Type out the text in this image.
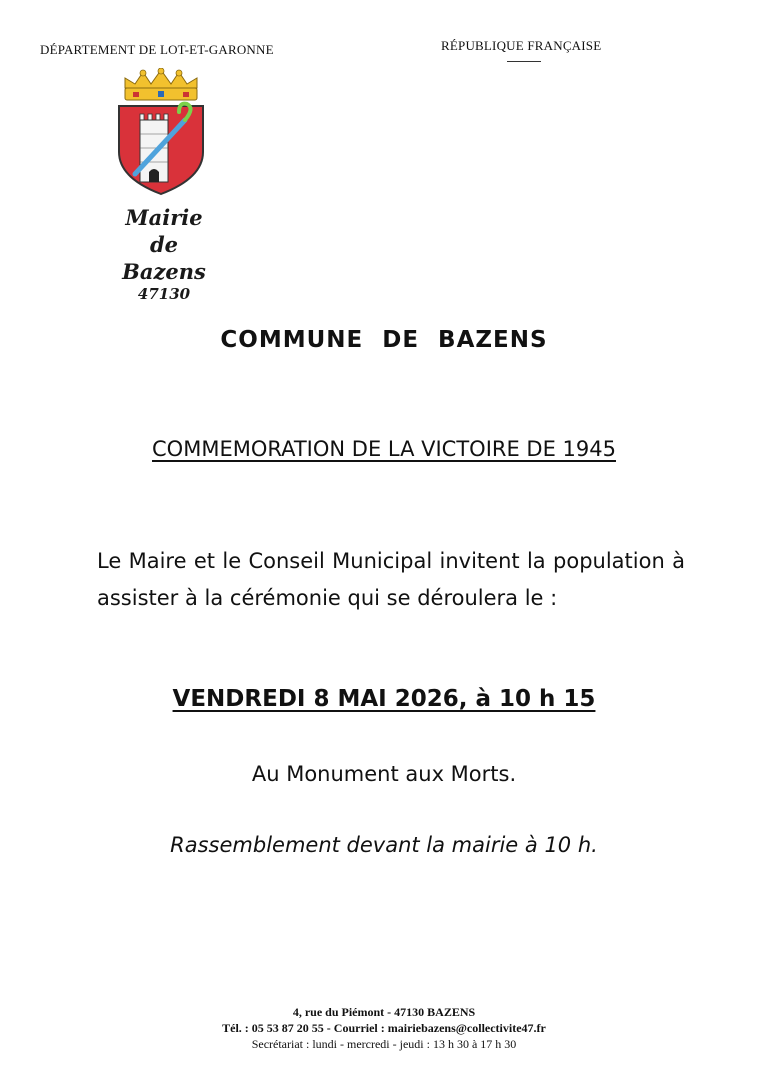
DÉPARTEMENT DE LOT-ET-GARONNE	RÉPUBLIQUE FRANÇAISE
Mairie
de
Bazens
47130
COMMUNE DE BAZENS
COMMEMORATION DE LA VICTOIRE DE 1945
Le Maire et le Conseil Municipal invitent la population à assister à la cérémonie qui se déroulera le :
VENDREDI 8 MAI 2026, à 10 h 15
Au Monument aux Morts.
Rassemblement devant la mairie à 10 h.
4, rue du Piémont - 47130 BAZENS
Tél. : 05 53 87 20 55 - Courriel : mairiebazens@collectivite47.fr
Secrétariat : lundi - mercredi - jeudi : 13 h 30 à 17 h 30
